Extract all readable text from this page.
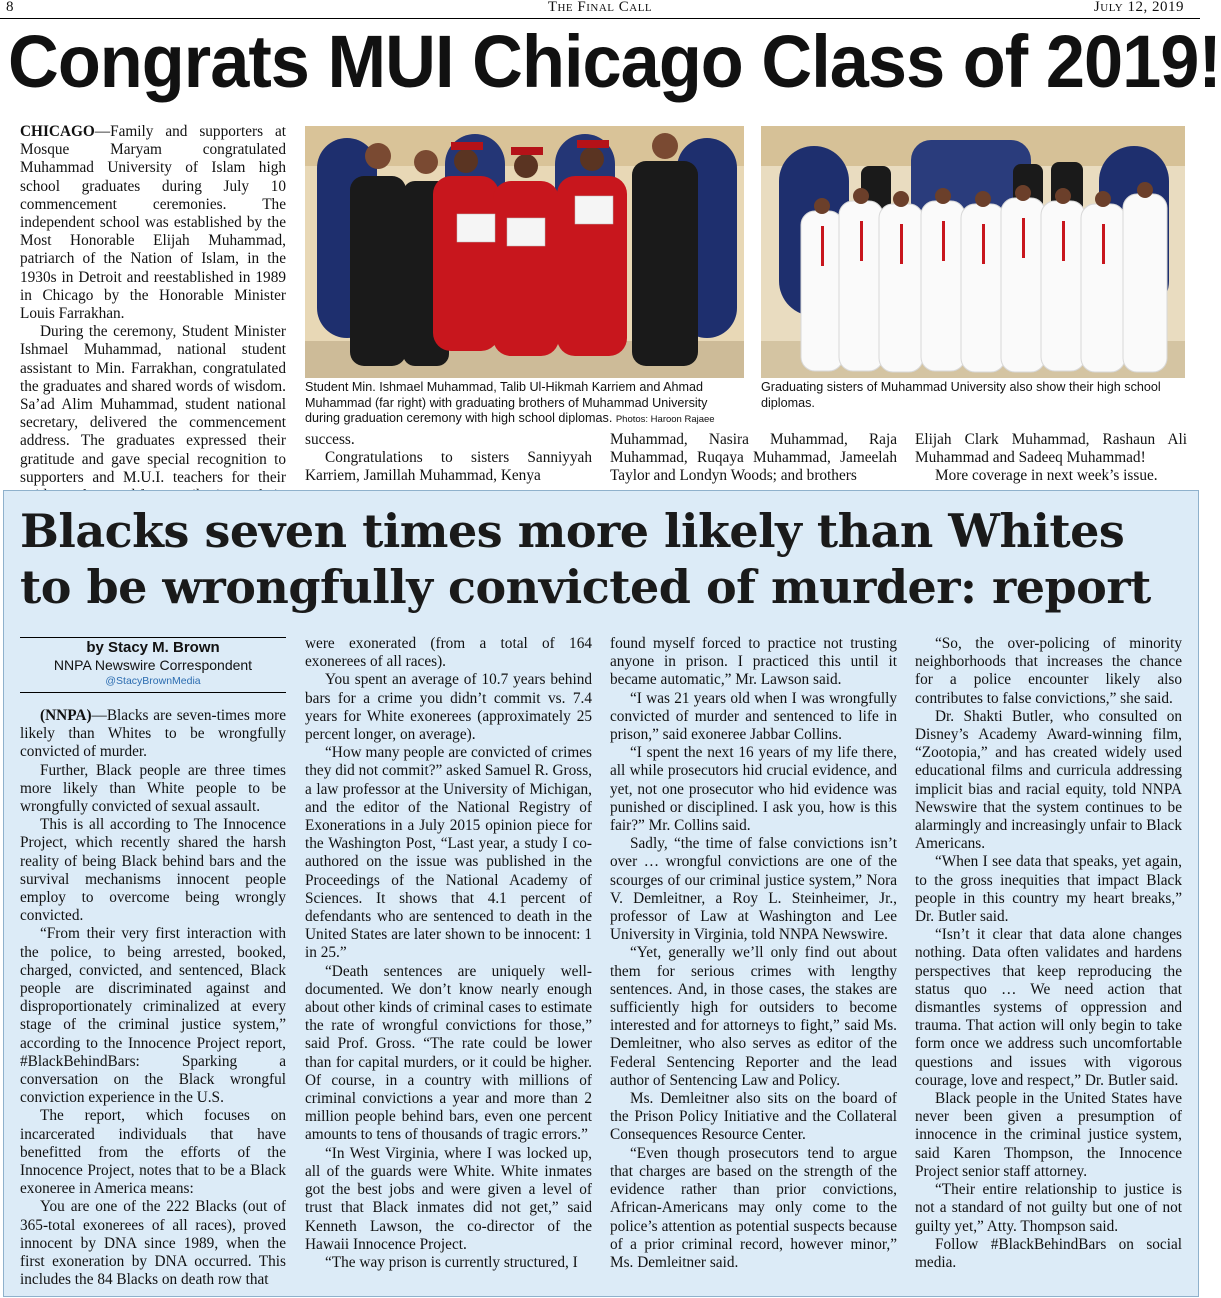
8	The Final Call	July 12, 2019
Congrats MUI Chicago Class of 2019!

CHICAGO—Family and supporters at Mosque Maryam congratulated Muhammad University of Islam high school graduates during July 10 commencement ceremonies. The independent school was established by the Most Honorable Elijah Muhammad, patriarch of the Nation of Islam, in the 1930s in Detroit and reestablished in 1989 in Chicago by the Honorable Minister Louis Farrakhan.

During the ceremony, Student Minister Ishmael Muhammad, national student assistant to Min. Farrakhan, congratulated the graduates and shared words of wisdom. Sa’ad Alim Muhammad, student national secretary, delivered the commencement address. The graduates expressed their gratitude and gave special recognition to supporters and M.U.I. teachers for their

Student Min. Ishmael Muhammad, Talib Ul-Hikmah Karriem and Ahmad Muhammad (far right) with graduating brothers of Muhammad University during graduation ceremony with high school diplomas. Photos: Haroon Rajaee
Graduating sisters of Muhammad University also show their high school diplomas.

success.

Congratulations to sisters Sanniyyah Karriem, Jamillah Muhammad, Kenya

Muhammad, Nasira Muhammad, Raja Muhammad, Ruqaya Muhammad, Jameelah Taylor and Londyn Woods; and brothers

Elijah Clark Muhammad, Rashaun Ali Muhammad and Sadeeq Muhammad!

More coverage in next week’s issue.

Blacks seven times more likely than Whites to be wrongfully convicted of murder: report
by Stacy M. Brown
NNPA Newswire Correspondent
@StacyBrownMedia

(NNPA)—Blacks are seven-times more likely than Whites to be wrongfully convicted of murder.

Further, Black people are three times more likely than White people to be wrongfully convicted of sexual assault.

This is all according to The Innocence Project, which recently shared the harsh reality of being Black behind bars and the survival mechanisms innocent people employ to overcome being wrongly convicted.

“From their very first interaction with the police, to being arrested, booked, charged, convicted, and sentenced, Black people are discriminated against and disproportionately criminalized at every stage of the criminal justice system,” according to the Innocence Project report, #BlackBehindBars: Sparking a conversation on the Black wrongful conviction experience in the U.S.

The report, which focuses on incarcerated individuals that have benefitted from the efforts of the Innocence Project, notes that to be a Black exoneree in America means:

You are one of the 222 Blacks (out of 365-total exonerees of all races), proved innocent by DNA since 1989, when the first exoneration by DNA occurred. This includes the 84 Blacks on death row that

were exonerated (from a total of 164 exonerees of all races).

You spent an average of 10.7 years behind bars for a crime you didn’t commit vs. 7.4 years for White exonerees (approximately 25 percent longer, on average).

“How many people are convicted of crimes they did not commit?” asked Samuel R. Gross, a law professor at the University of Michigan, and the editor of the National Registry of Exonerations in a July 2015 opinion piece for the Washington Post, “Last year, a study I co-authored on the issue was published in the Proceedings of the National Academy of Sciences. It shows that 4.1 percent of defendants who are sentenced to death in the United States are later shown to be innocent: 1 in 25.”

“Death sentences are uniquely well-documented. We don’t know nearly enough about other kinds of criminal cases to estimate the rate of wrongful convictions for those,” said Prof. Gross. “The rate could be lower than for capital murders, or it could be higher. Of course, in a country with millions of criminal convictions a year and more than 2 million people behind bars, even one percent amounts to tens of thousands of tragic errors.”

“In West Virginia, where I was locked up, all of the guards were White. White inmates got the best jobs and were given a level of trust that Black inmates did not get,” said Kenneth Lawson, the co-director of the Hawaii Innocence Project.

“The way prison is currently structured, I

found myself forced to practice not trusting anyone in prison. I practiced this until it became automatic,” Mr. Lawson said.

“I was 21 years old when I was wrongfully convicted of murder and sentenced to life in prison,” said exoneree Jabbar Collins.

“I spent the next 16 years of my life there, all while prosecutors hid crucial evidence, and yet, not one prosecutor who hid evidence was punished or disciplined. I ask you, how is this fair?” Mr. Collins said.

Sadly, “the time of false convictions isn’t over … wrongful convictions are one of the scourges of our criminal justice system,” Nora V. Demleitner, a Roy L. Steinheimer, Jr., professor of Law at Washington and Lee University in Virginia, told NNPA Newswire.

“Yet, generally we’ll only find out about them for serious crimes with lengthy sentences. And, in those cases, the stakes are sufficiently high for outsiders to become interested and for attorneys to fight,” said Ms. Demleitner, who also serves as editor of the Federal Sentencing Reporter and the lead author of Sentencing Law and Policy.

Ms. Demleitner also sits on the board of the Prison Policy Initiative and the Collateral Consequences Resource Center.

“Even though prosecutors tend to argue that charges are based on the strength of the evidence rather than prior convictions, African-Americans may only come to the police’s attention as potential suspects because of a prior criminal record, however minor,” Ms. Demleitner said.

“So, the over-policing of minority neighborhoods that increases the chance for a police encounter likely also contributes to false convictions,” she said.

Dr. Shakti Butler, who consulted on Disney’s Academy Award-winning film, “Zootopia,” and has created widely used educational films and curricula addressing implicit bias and racial equity, told NNPA Newswire that the system continues to be alarmingly and increasingly unfair to Black Americans.

“When I see data that speaks, yet again, to the gross inequities that impact Black people in this country my heart breaks,” Dr. Butler said.

“Isn’t it clear that data alone changes nothing. Data often validates and hardens perspectives that keep reproducing the status quo … We need action that dismantles systems of oppression and trauma. That action will only begin to take form once we address such uncomfortable questions and issues with vigorous courage, love and respect,” Dr. Butler said.

Black people in the United States have never been given a presumption of innocence in the criminal justice system, said Karen Thompson, the Innocence Project senior staff attorney.

“Their entire relationship to justice is not a standard of not guilty but one of not guilty yet,” Atty. Thompson said.

Follow #BlackBehindBars on social media.
